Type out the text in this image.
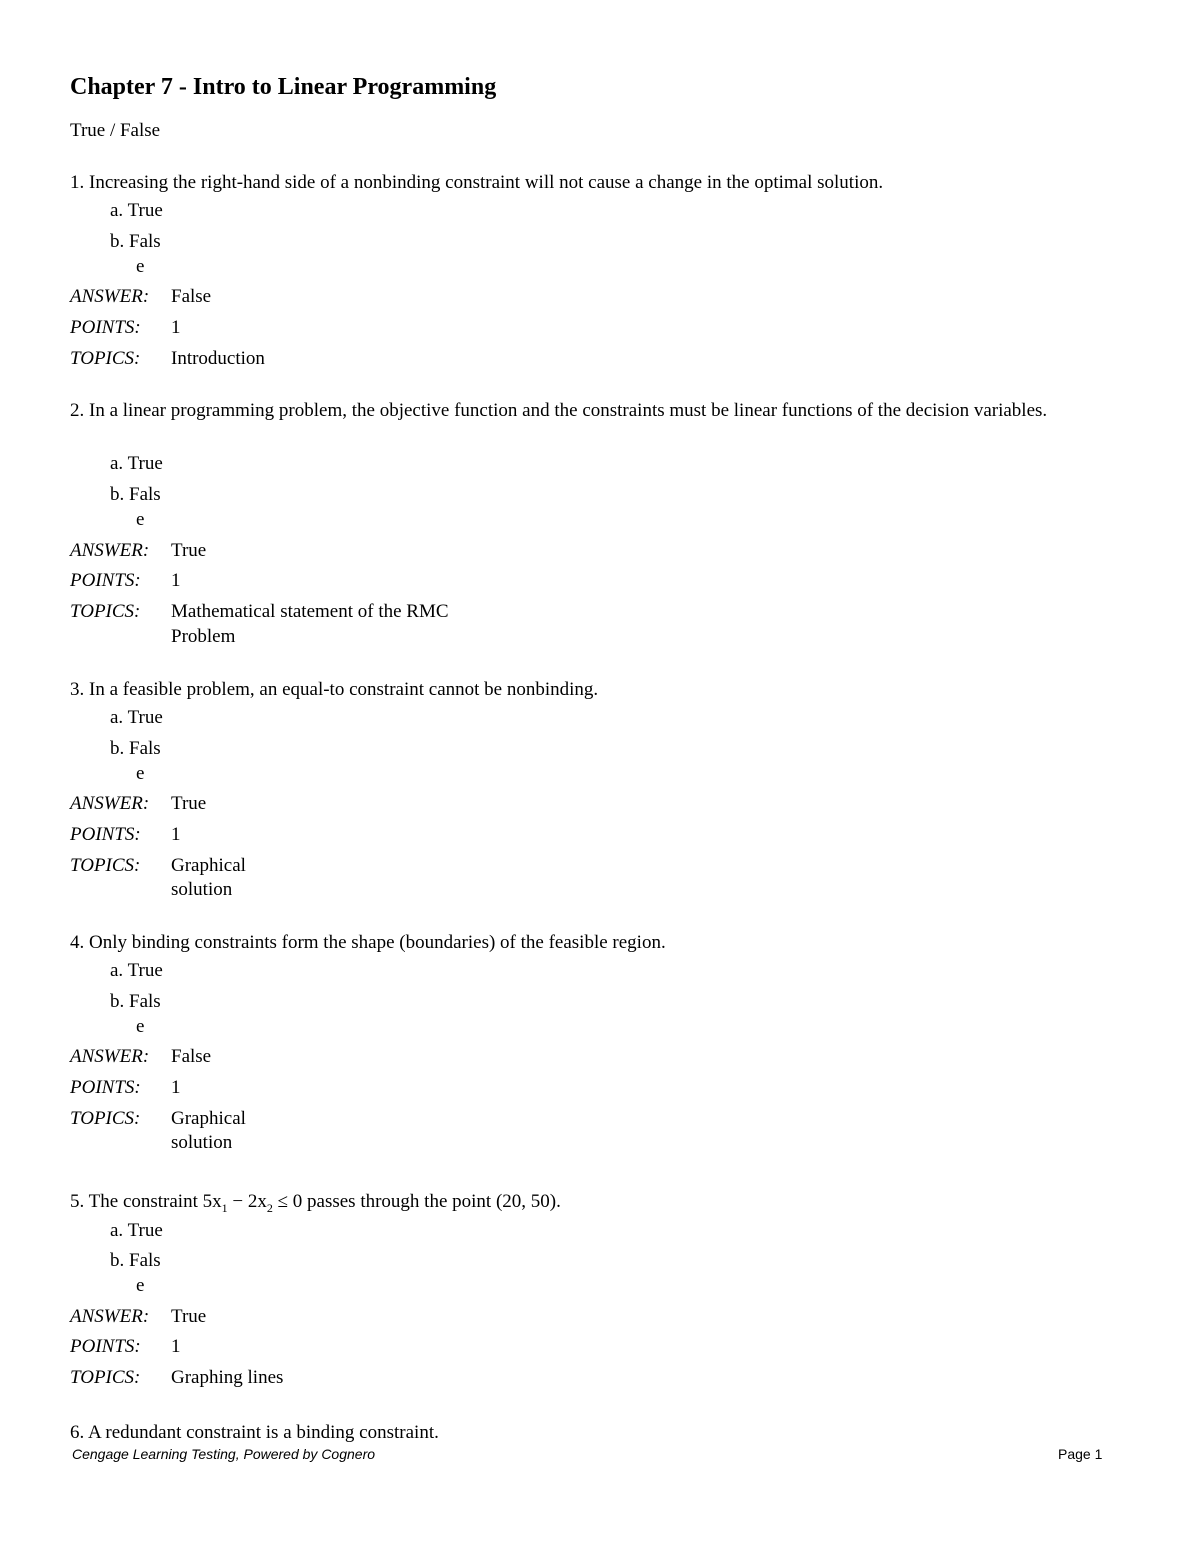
Chapter 7 - Intro to Linear Programming
True / False

1. Increasing the right-hand side of a nonbinding constraint will not cause a change in the optimal solution.

a. True
b. Fals
e
ANSWER: False
POINTS: 1
TOPICS: Introduction

2. In a linear programming problem, the objective function and the constraints must be linear functions of the decision variables.

a. True
b. Fals
e
ANSWER: True
POINTS: 1
TOPICS: Mathematical statement of the RMC
Problem

3. In a feasible problem, an equal-to constraint cannot be nonbinding.

a. True
b. Fals
e
ANSWER: True
POINTS: 1
TOPICS: Graphical
solution

4. Only binding constraints form the shape (boundaries) of the feasible region.

a. True
b. Fals
e
ANSWER: False
POINTS: 1
TOPICS: Graphical
solution

5. The constraint $5x_1 - 2x_2 \le 0$ passes through the point (20, 50).

a. True
b. Fals
e
ANSWER: True
POINTS: 1
TOPICS: Graphing lines

6. A redundant constraint is a binding constraint.

Cengage Learning Testing, Powered by Cognero	Page 1
